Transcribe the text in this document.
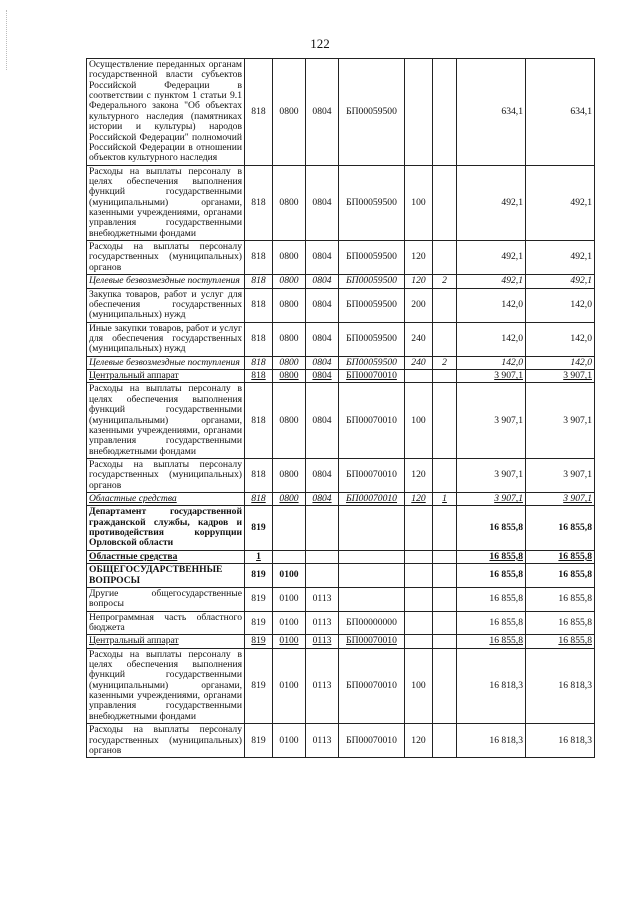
122
Осуществление переданных органам государственной власти субъектов Российской Федерации в соответствии с пунктом 1 статьи 9.1 Федерального закона "Об объектах культурного наследия (памятниках истории и культуры) народов Российской Федерации" полномочий Российской Федерации в отношении объектов культурного наследия	818	0800	0804	БП00059500			634,1	634,1
Расходы на выплаты персоналу в целях обеспечения выполнения функций государственными (муниципальными) органами, казенными учреждениями, органами управления государственными внебюджетными фондами	818	0800	0804	БП00059500	100		492,1	492,1
Расходы на выплаты персоналу государственных (муниципальных) органов	818	0800	0804	БП00059500	120		492,1	492,1
Целевые безвозмездные поступления	818	0800	0804	БП00059500	120	2	492,1	492,1
Закупка товаров, работ и услуг для обеспечения государственных (муниципальных) нужд	818	0800	0804	БП00059500	200		142,0	142,0
Иные закупки товаров, работ и услуг для обеспечения государственных (муниципальных) нужд	818	0800	0804	БП00059500	240		142,0	142,0
Целевые безвозмездные поступления	818	0800	0804	БП00059500	240	2	142,0	142,0
Центральный аппарат	818	0800	0804	БП00070010			3 907,1	3 907,1
Расходы на выплаты персоналу в целях обеспечения выполнения функций государственными (муниципальными) органами, казенными учреждениями, органами управления государственными внебюджетными фондами	818	0800	0804	БП00070010	100		3 907,1	3 907,1
Расходы на выплаты персоналу государственных (муниципальных) органов	818	0800	0804	БП00070010	120		3 907,1	3 907,1
Областные средства	818	0800	0804	БП00070010	120	1	3 907,1	3 907,1
Департамент государственной гражданской службы, кадров и противодействия коррупции Орловской области	819						16 855,8	16 855,8
Областные средства	1						16 855,8	16 855,8
ОБЩЕГОСУДАРСТВЕННЫЕ ВОПРОСЫ	819	0100					16 855,8	16 855,8
Другие общегосударственные вопросы	819	0100	0113				16 855,8	16 855,8
Непрограммная часть областного бюджета	819	0100	0113	БП00000000			16 855,8	16 855,8
Центральный аппарат	819	0100	0113	БП00070010			16 855,8	16 855,8
Расходы на выплаты персоналу в целях обеспечения выполнения функций государственными (муниципальными) органами, казенными учреждениями, органами управления государственными внебюджетными фондами	819	0100	0113	БП00070010	100		16 818,3	16 818,3
Расходы на выплаты персоналу государственных (муниципальных) органов	819	0100	0113	БП00070010	120		16 818,3	16 818,3
